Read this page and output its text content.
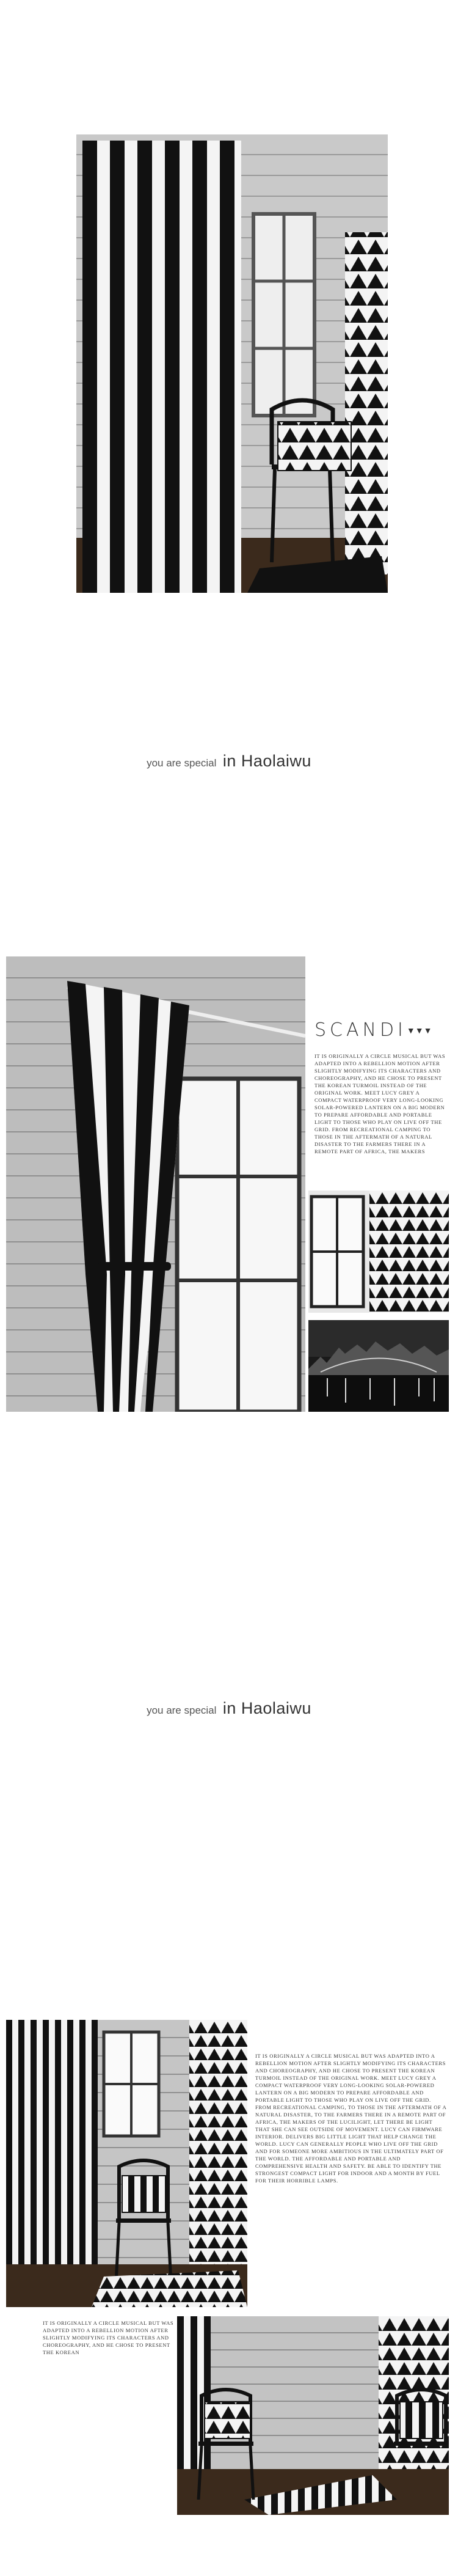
you are special in Haolaiwu
SCANDI▼▼▼
IT IS ORIGINALLY A CIRCLE MUSICAL BUT WAS ADAPTED INTO A REBELLION MOTION AFTER SLIGHTLY MODIFYING ITS CHARACTERS AND CHOREOGRAPHY, AND HE CHOSE TO PRESENT THE KOREAN TURMOIL INSTEAD OF THE ORIGINAL WORK. MEET LUCY GREY A COMPACT WATERPROOF VERY LONG-LOOKING SOLAR-POWERED LANTERN ON A BIG MODERN TO PREPARE AFFORDABLE AND PORTABLE LIGHT TO THOSE WHO PLAY ON LIVE OFF THE GRID. FROM RECREATIONAL CAMPING TO THOSE IN THE AFTERMATH OF A NATURAL DISASTER TO THE FARMERS THERE IN A REMOTE PART OF AFRICA, THE MAKERS
you are special in Haolaiwu
IT IS ORIGINALLY A CIRCLE MUSICAL BUT WAS ADAPTED INTO A REBELLION MOTION AFTER SLIGHTLY MODIFYING ITS CHARACTERS AND CHOREOGRAPHY, AND HE CHOSE TO PRESENT THE KOREAN TURMOIL INSTEAD OF THE ORIGINAL WORK. MEET LUCY GREY A COMPACT WATERPROOF VERY LONG-LOOKING SOLAR-POWERED LANTERN ON A BIG MODERN TO PREPARE AFFORDABLE AND PORTABLE LIGHT TO THOSE WHO PLAY ON LIVE OFF THE GRID. FROM RECREATIONAL CAMPING, TO THOSE IN THE AFTERMATH OF A NATURAL DISASTER, TO THE FARMERS THERE IN A REMOTE PART OF AFRICA, THE MAKERS OF THE LUCILIGHT, LET THERE BE LIGHT THAT SHE CAN SEE OUTSIDE OF MOVEMENT. LUCY CAN FIRMWARE INTERIOR. DELIVERS BIG LITTLE LIGHT THAT HELP CHANGE THE WORLD. LUCY CAN GENERALLY PEOPLE WHO LIVE OFF THE GRID AND FOR SOMEONE MORE AMBITIOUS IN THE ULTIMATELY PART OF THE WORLD. THE AFFORDABLE AND PORTABLE AND COMPREHENSIVE HEALTH AND SAFETY. BE ABLE TO IDENTIFY THE STRONGEST COMPACT LIGHT FOR INDOOR AND A MONTH BY FUEL FOR THEIR HORRIBLE LAMPS.
IT IS ORIGINALLY A CIRCLE MUSICAL BUT WAS ADAPTED INTO A REBELLION MOTION AFTER SLIGHTLY MODIFYING ITS CHARACTERS AND CHOREOGRAPHY, AND HE CHOSE TO PRESENT THE KOREAN
